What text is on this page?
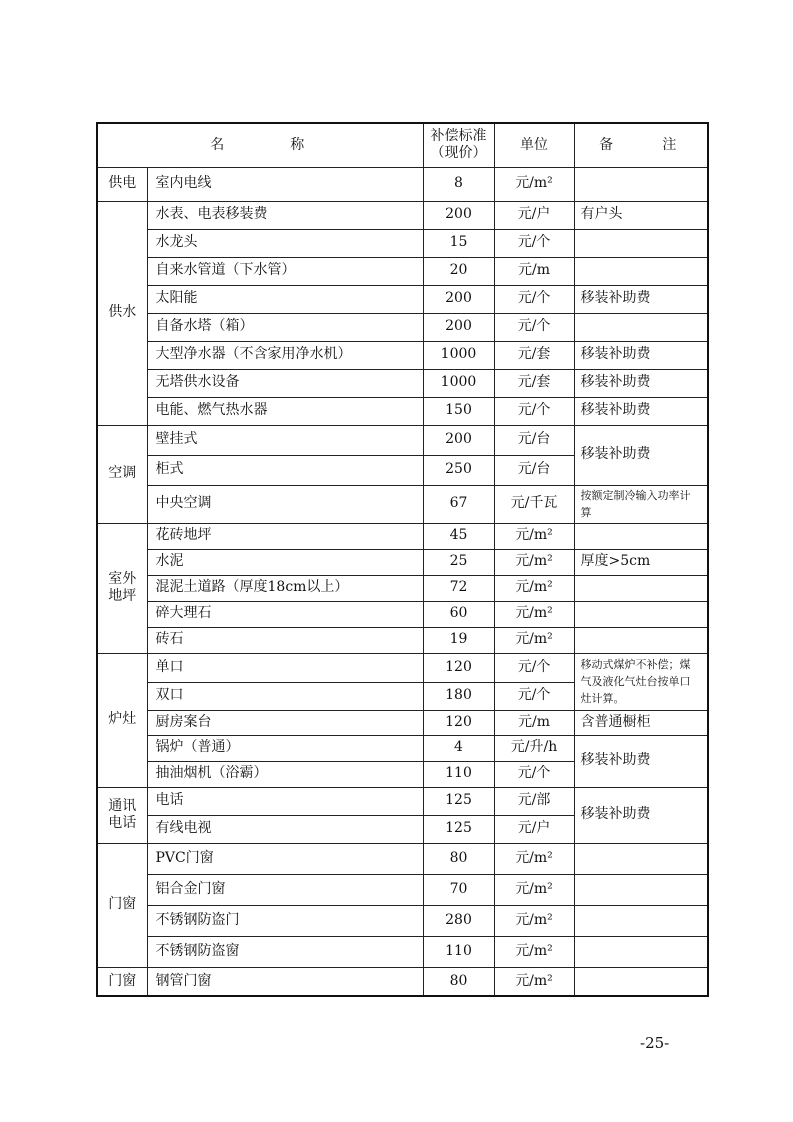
名 称		补偿标准（现价）	单位	备 注
供电	室内电线	8	元/m²	
供水	水表、电表移装费	200	元/户	有户头
	水龙头	15	元/个	
	自来水管道（下水管）	20	元/m	
	太阳能	200	元/个	移装补助费
	自备水塔（箱）	200	元/个	
	大型净水器（不含家用净水机）	1000	元/套	移装补助费
	无塔供水设备	1000	元/套	移装补助费
	电能、燃气热水器	150	元/个	移装补助费
空调	壁挂式	200	元/台	移装补助费
	柜式	250	元/台	
	中央空调	67	元/千瓦	按额定制冷输入功率计算
室外地坪	花砖地坪	45	元/m²	
	水泥	25	元/m²	厚度>5cm
	混泥土道路（厚度18cm以上）	72	元/m²	
	碎大理石	60	元/m²	
	砖石	19	元/m²	
炉灶	单口	120	元/个	移动式煤炉不补偿；煤气及液化气灶台按单口灶计算。
	双口	180	元/个	
	厨房案台	120	元/m	含普通橱柜
	锅炉（普通）	4	元/升/h	移装补助费
	抽油烟机（浴霸）	110	元/个	
通讯电话	电话	125	元/部	移装补助费
	有线电视	125	元/户	
门窗	PVC门窗	80	元/m²	
	铝合金门窗	70	元/m²	
	不锈钢防盗门	280	元/m²	
	不锈钢防盗窗	110	元/m²	
门窗	钢管门窗	80	元/m²	
-25-
